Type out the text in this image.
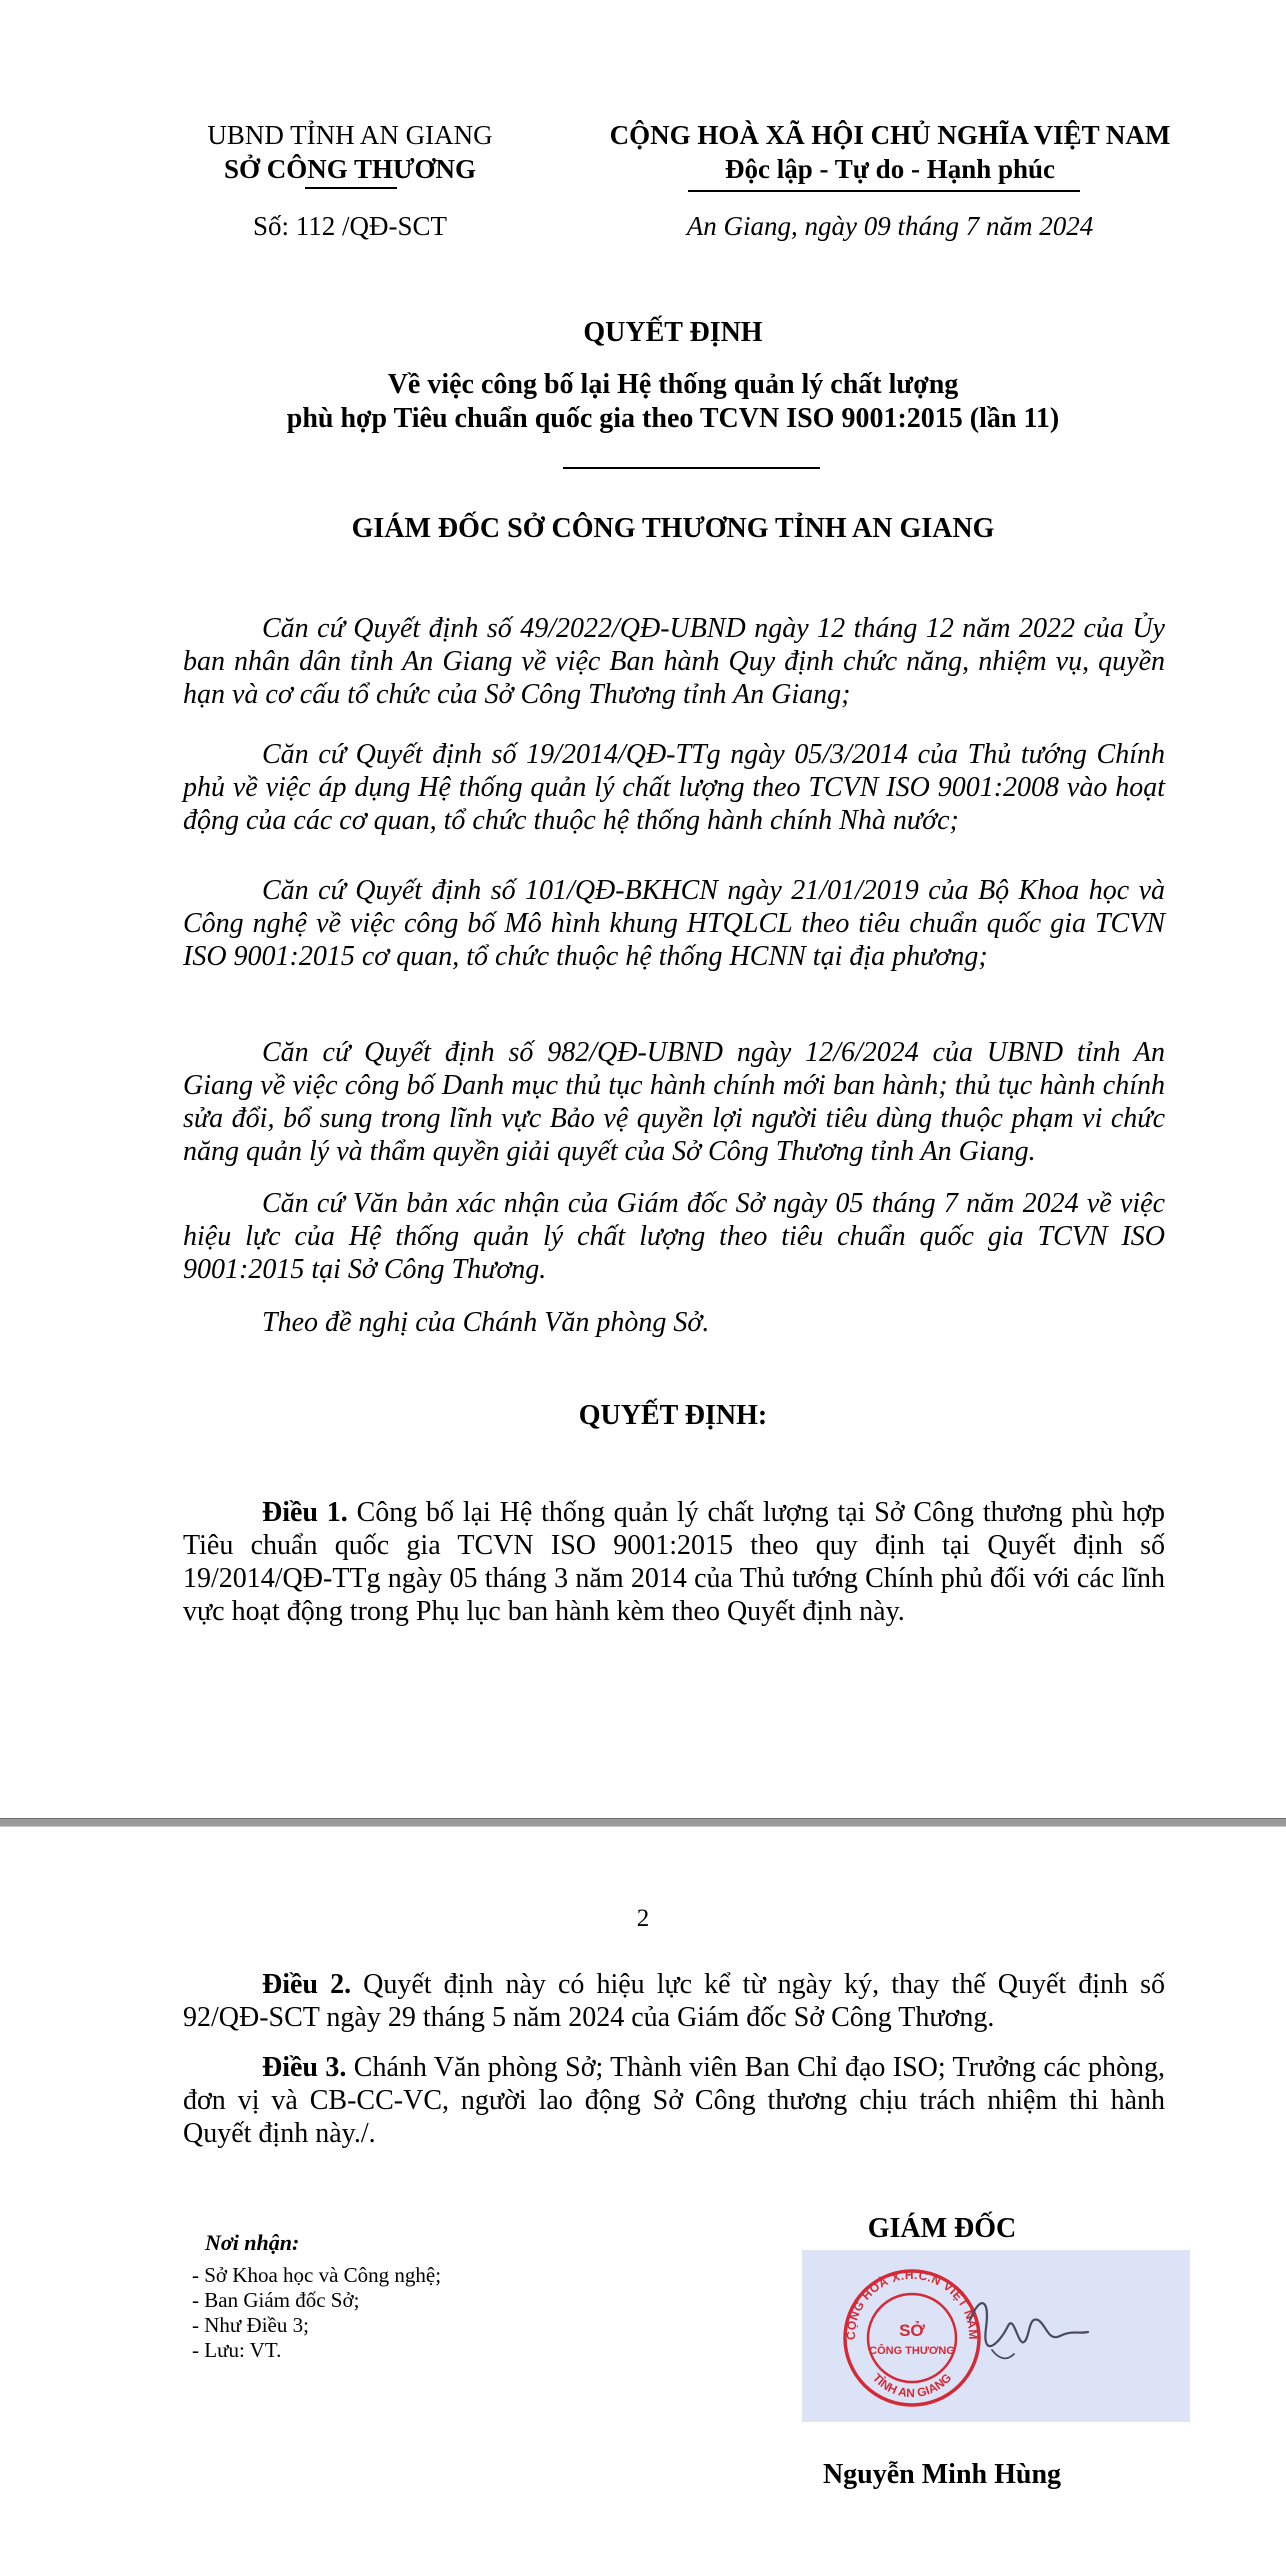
UBND TỈNH AN GIANG
SỞ CÔNG THƯƠNG
Số: 112 /QĐ-SCT
CỘNG HOÀ XÃ HỘI CHỦ NGHĨA VIỆT NAM
Độc lập - Tự do - Hạnh phúc
An Giang, ngày 09 tháng 7 năm 2024
QUYẾT ĐỊNH
Về việc công bố lại Hệ thống quản lý chất lượng
phù hợp Tiêu chuẩn quốc gia theo TCVN ISO 9001:2015 (lần 11)
GIÁM ĐỐC SỞ CÔNG THƯƠNG TỈNH AN GIANG
Căn cứ Quyết định số 49/2022/QĐ-UBND ngày 12 tháng 12 năm 2022 của Ủy ban nhân dân tỉnh An Giang về việc Ban hành Quy định chức năng, nhiệm vụ, quyền hạn và cơ cấu tổ chức của Sở Công Thương tỉnh An Giang;
Căn cứ Quyết định số 19/2014/QĐ-TTg ngày 05/3/2014 của Thủ tướng Chính phủ về việc áp dụng Hệ thống quản lý chất lượng theo TCVN ISO 9001:2008 vào hoạt động của các cơ quan, tổ chức thuộc hệ thống hành chính Nhà nước;
Căn cứ Quyết định số 101/QĐ-BKHCN ngày 21/01/2019 của Bộ Khoa học và Công nghệ về việc công bố Mô hình khung HTQLCL theo tiêu chuẩn quốc gia TCVN ISO 9001:2015 cơ quan, tổ chức thuộc hệ thống HCNN tại địa phương;
Căn cứ Quyết định số 982/QĐ-UBND ngày 12/6/2024 của UBND tỉnh An Giang về việc công bố Danh mục thủ tục hành chính mới ban hành; thủ tục hành chính sửa đổi, bổ sung trong lĩnh vực Bảo vệ quyền lợi người tiêu dùng thuộc phạm vi chức năng quản lý và thẩm quyền giải quyết của Sở Công Thương tỉnh An Giang.
Căn cứ Văn bản xác nhận của Giám đốc Sở ngày 05 tháng 7 năm 2024 về việc hiệu lực của Hệ thống quản lý chất lượng theo tiêu chuẩn quốc gia TCVN ISO 9001:2015 tại Sở Công Thương.
Theo đề nghị của Chánh Văn phòng Sở.
QUYẾT ĐỊNH:
Điều 1. Công bố lại Hệ thống quản lý chất lượng tại Sở Công thương phù hợp Tiêu chuẩn quốc gia TCVN ISO 9001:2015 theo quy định tại Quyết định số 19/2014/QĐ-TTg ngày 05 tháng 3 năm 2014 của Thủ tướng Chính phủ đối với các lĩnh vực hoạt động trong Phụ lục ban hành kèm theo Quyết định này.
2
Điều 2. Quyết định này có hiệu lực kể từ ngày ký, thay thế Quyết định số 92/QĐ-SCT ngày 29 tháng 5 năm 2024 của Giám đốc Sở Công Thương.
Điều 3. Chánh Văn phòng Sở; Thành viên Ban Chỉ đạo ISO; Trưởng các phòng, đơn vị và CB-CC-VC, người lao động Sở Công thương chịu trách nhiệm thi hành Quyết định này./.
Nơi nhận:
- Sở Khoa học và Công nghệ;
- Ban Giám đốc Sở;
- Như Điều 3;
- Lưu: VT.
GIÁM ĐỐC
CỘNG HOÀ X.H.C.N VIỆT NAM
TỈNH AN GIANG
SỞ
CÔNG THƯƠNG
Nguyễn Minh Hùng
